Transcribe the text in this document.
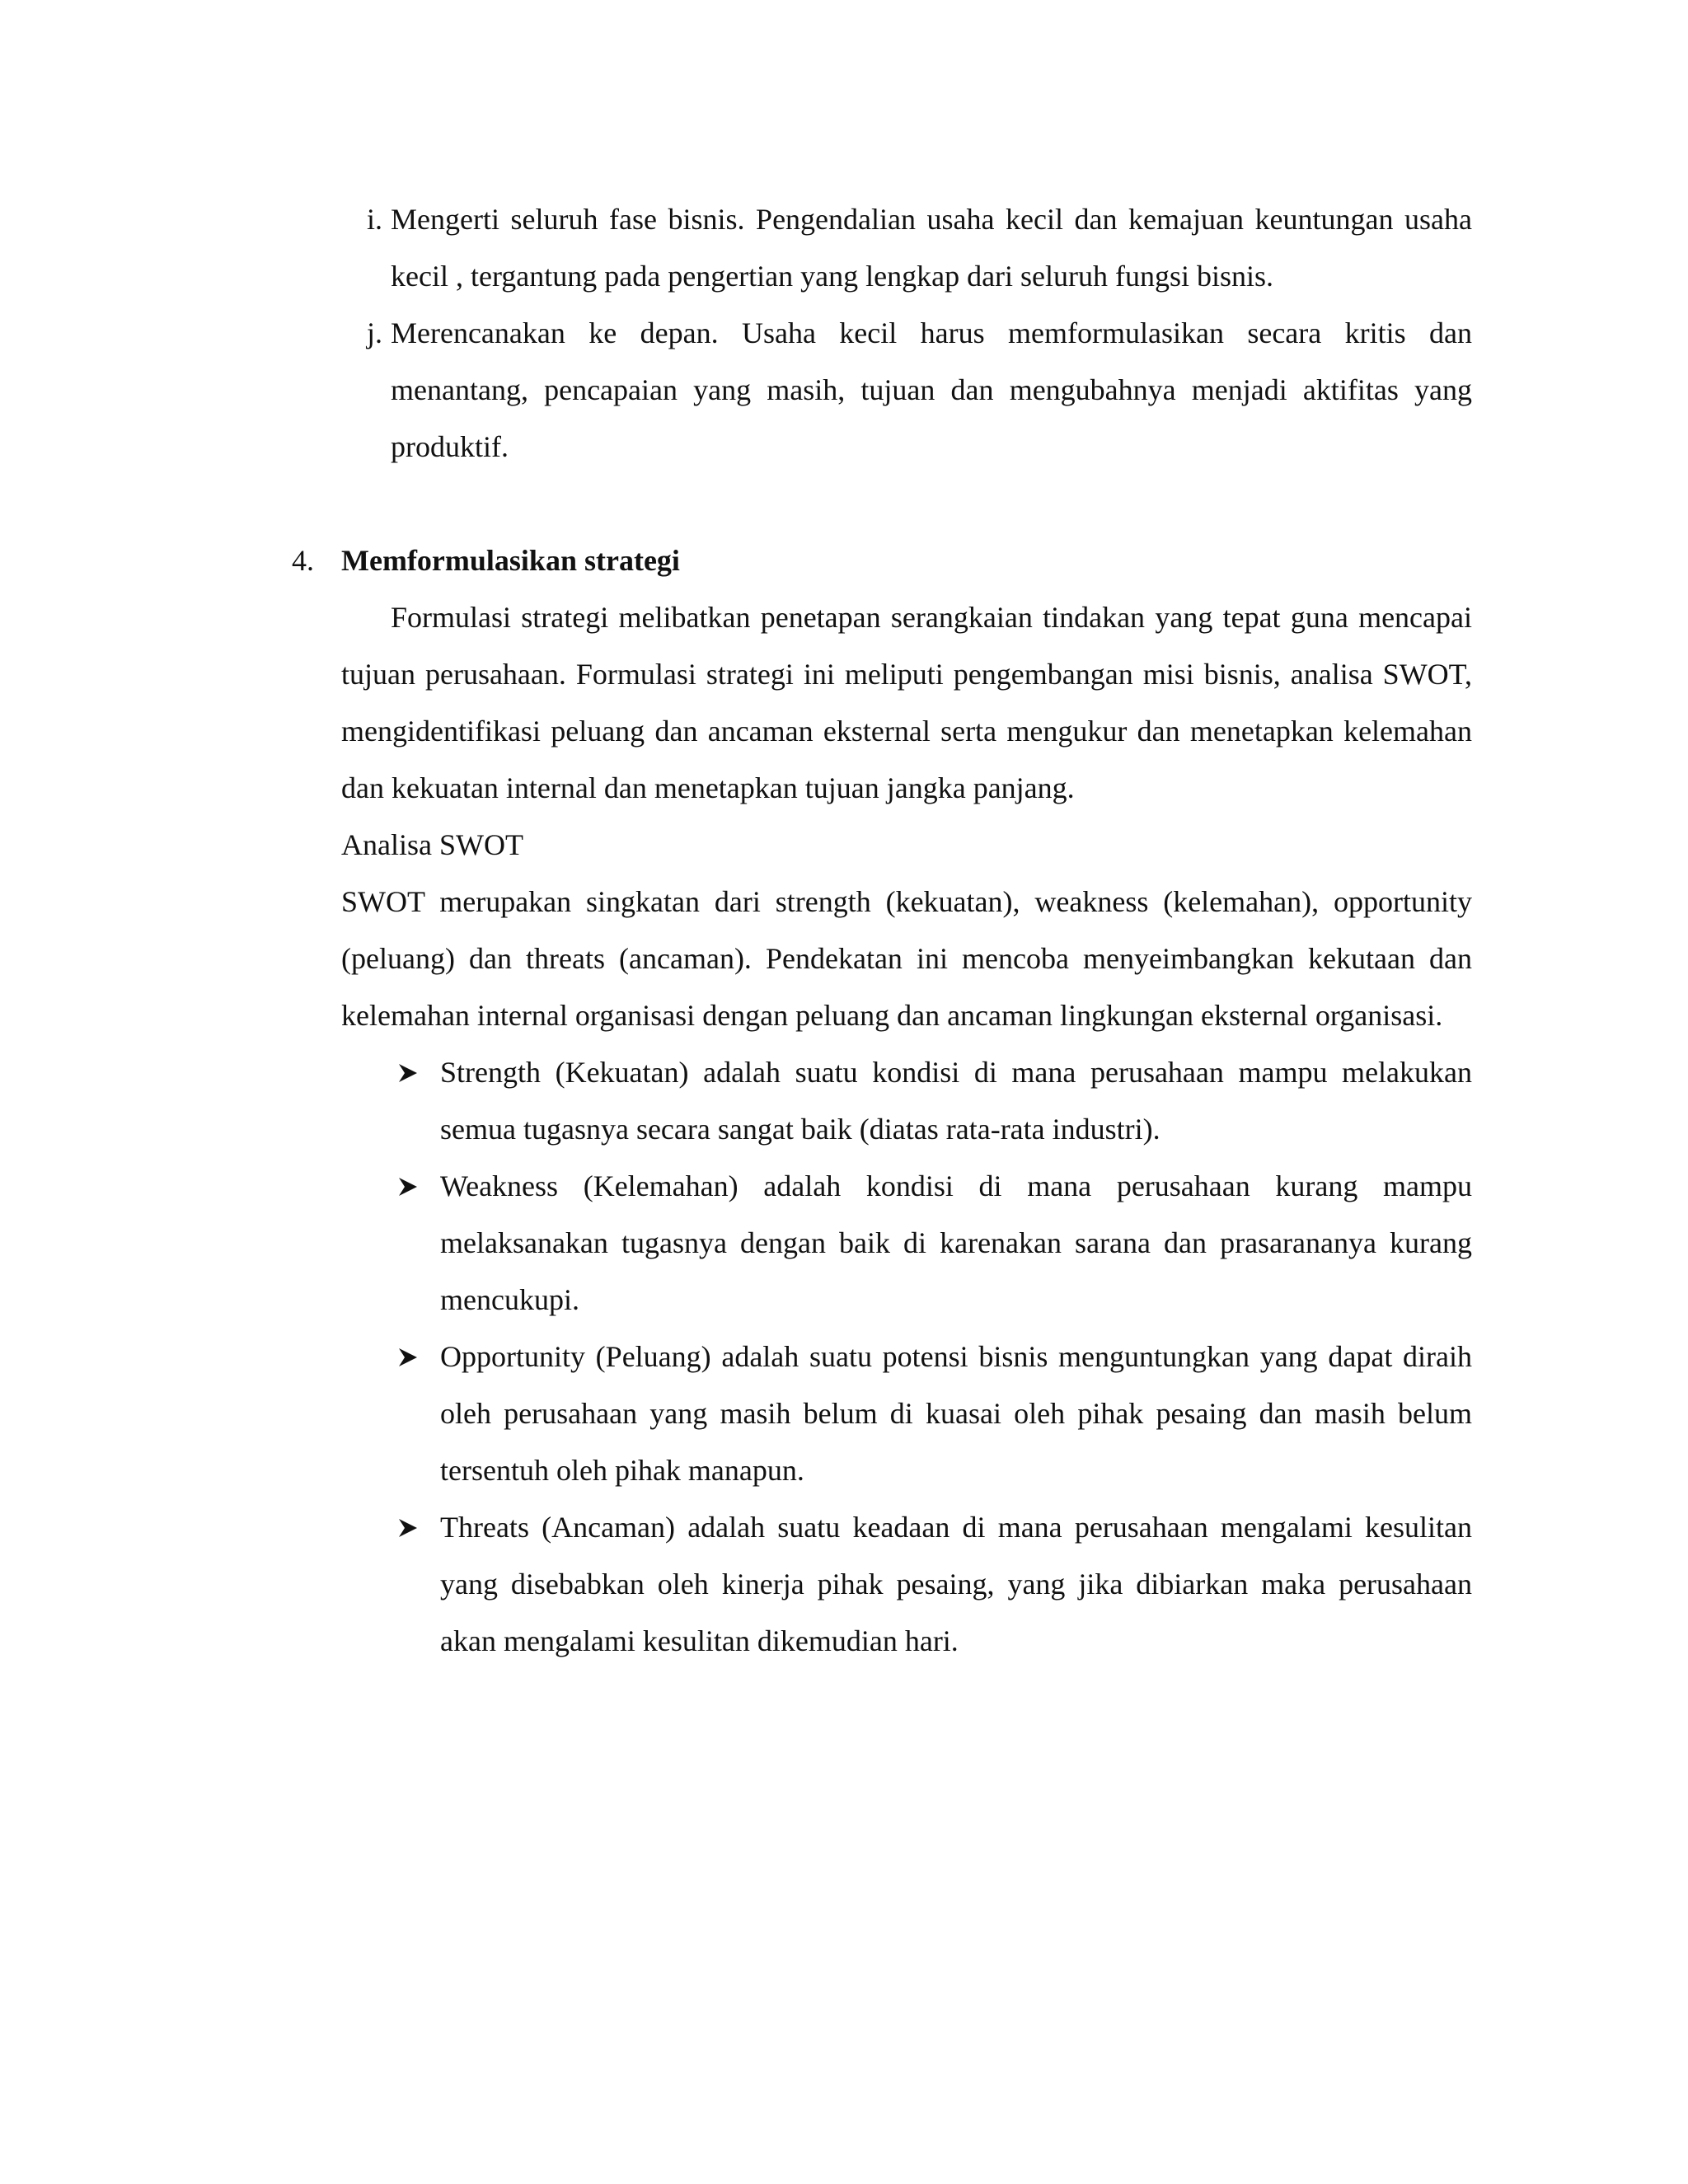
i. Mengerti seluruh fase bisnis. Pengendalian usaha kecil dan kemajuan keuntungan usaha kecil , tergantung pada pengertian yang lengkap dari seluruh fungsi bisnis.
j. Merencanakan ke depan. Usaha kecil harus memformulasikan secara kritis dan menantang, pencapaian yang masih, tujuan dan mengubahnya menjadi aktifitas yang produktif.
4. Memformulasikan strategi
Formulasi strategi melibatkan penetapan serangkaian tindakan yang tepat guna mencapai tujuan perusahaan. Formulasi strategi ini meliputi pengembangan misi bisnis, analisa SWOT, mengidentifikasi peluang dan ancaman eksternal serta mengukur dan menetapkan kelemahan dan kekuatan internal dan menetapkan tujuan jangka panjang.
Analisa SWOT
SWOT merupakan singkatan dari strength (kekuatan), weakness (kelemahan), opportunity (peluang) dan threats (ancaman). Pendekatan ini mencoba menyeimbangkan kekutaan dan kelemahan internal organisasi dengan peluang dan ancaman lingkungan eksternal organisasi.
Strength (Kekuatan) adalah suatu kondisi di mana perusahaan mampu melakukan semua tugasnya secara sangat baik (diatas rata-rata industri).
Weakness (Kelemahan) adalah kondisi di mana perusahaan kurang mampu melaksanakan tugasnya dengan baik di karenakan sarana dan prasarananya kurang mencukupi.
Opportunity (Peluang) adalah suatu potensi bisnis menguntungkan yang dapat diraih oleh perusahaan yang masih belum di kuasai oleh pihak pesaing dan masih belum tersentuh oleh pihak manapun.
Threats (Ancaman) adalah suatu keadaan di mana perusahaan mengalami kesulitan yang disebabkan oleh kinerja pihak pesaing, yang jika dibiarkan maka perusahaan akan mengalami kesulitan dikemudian hari.
